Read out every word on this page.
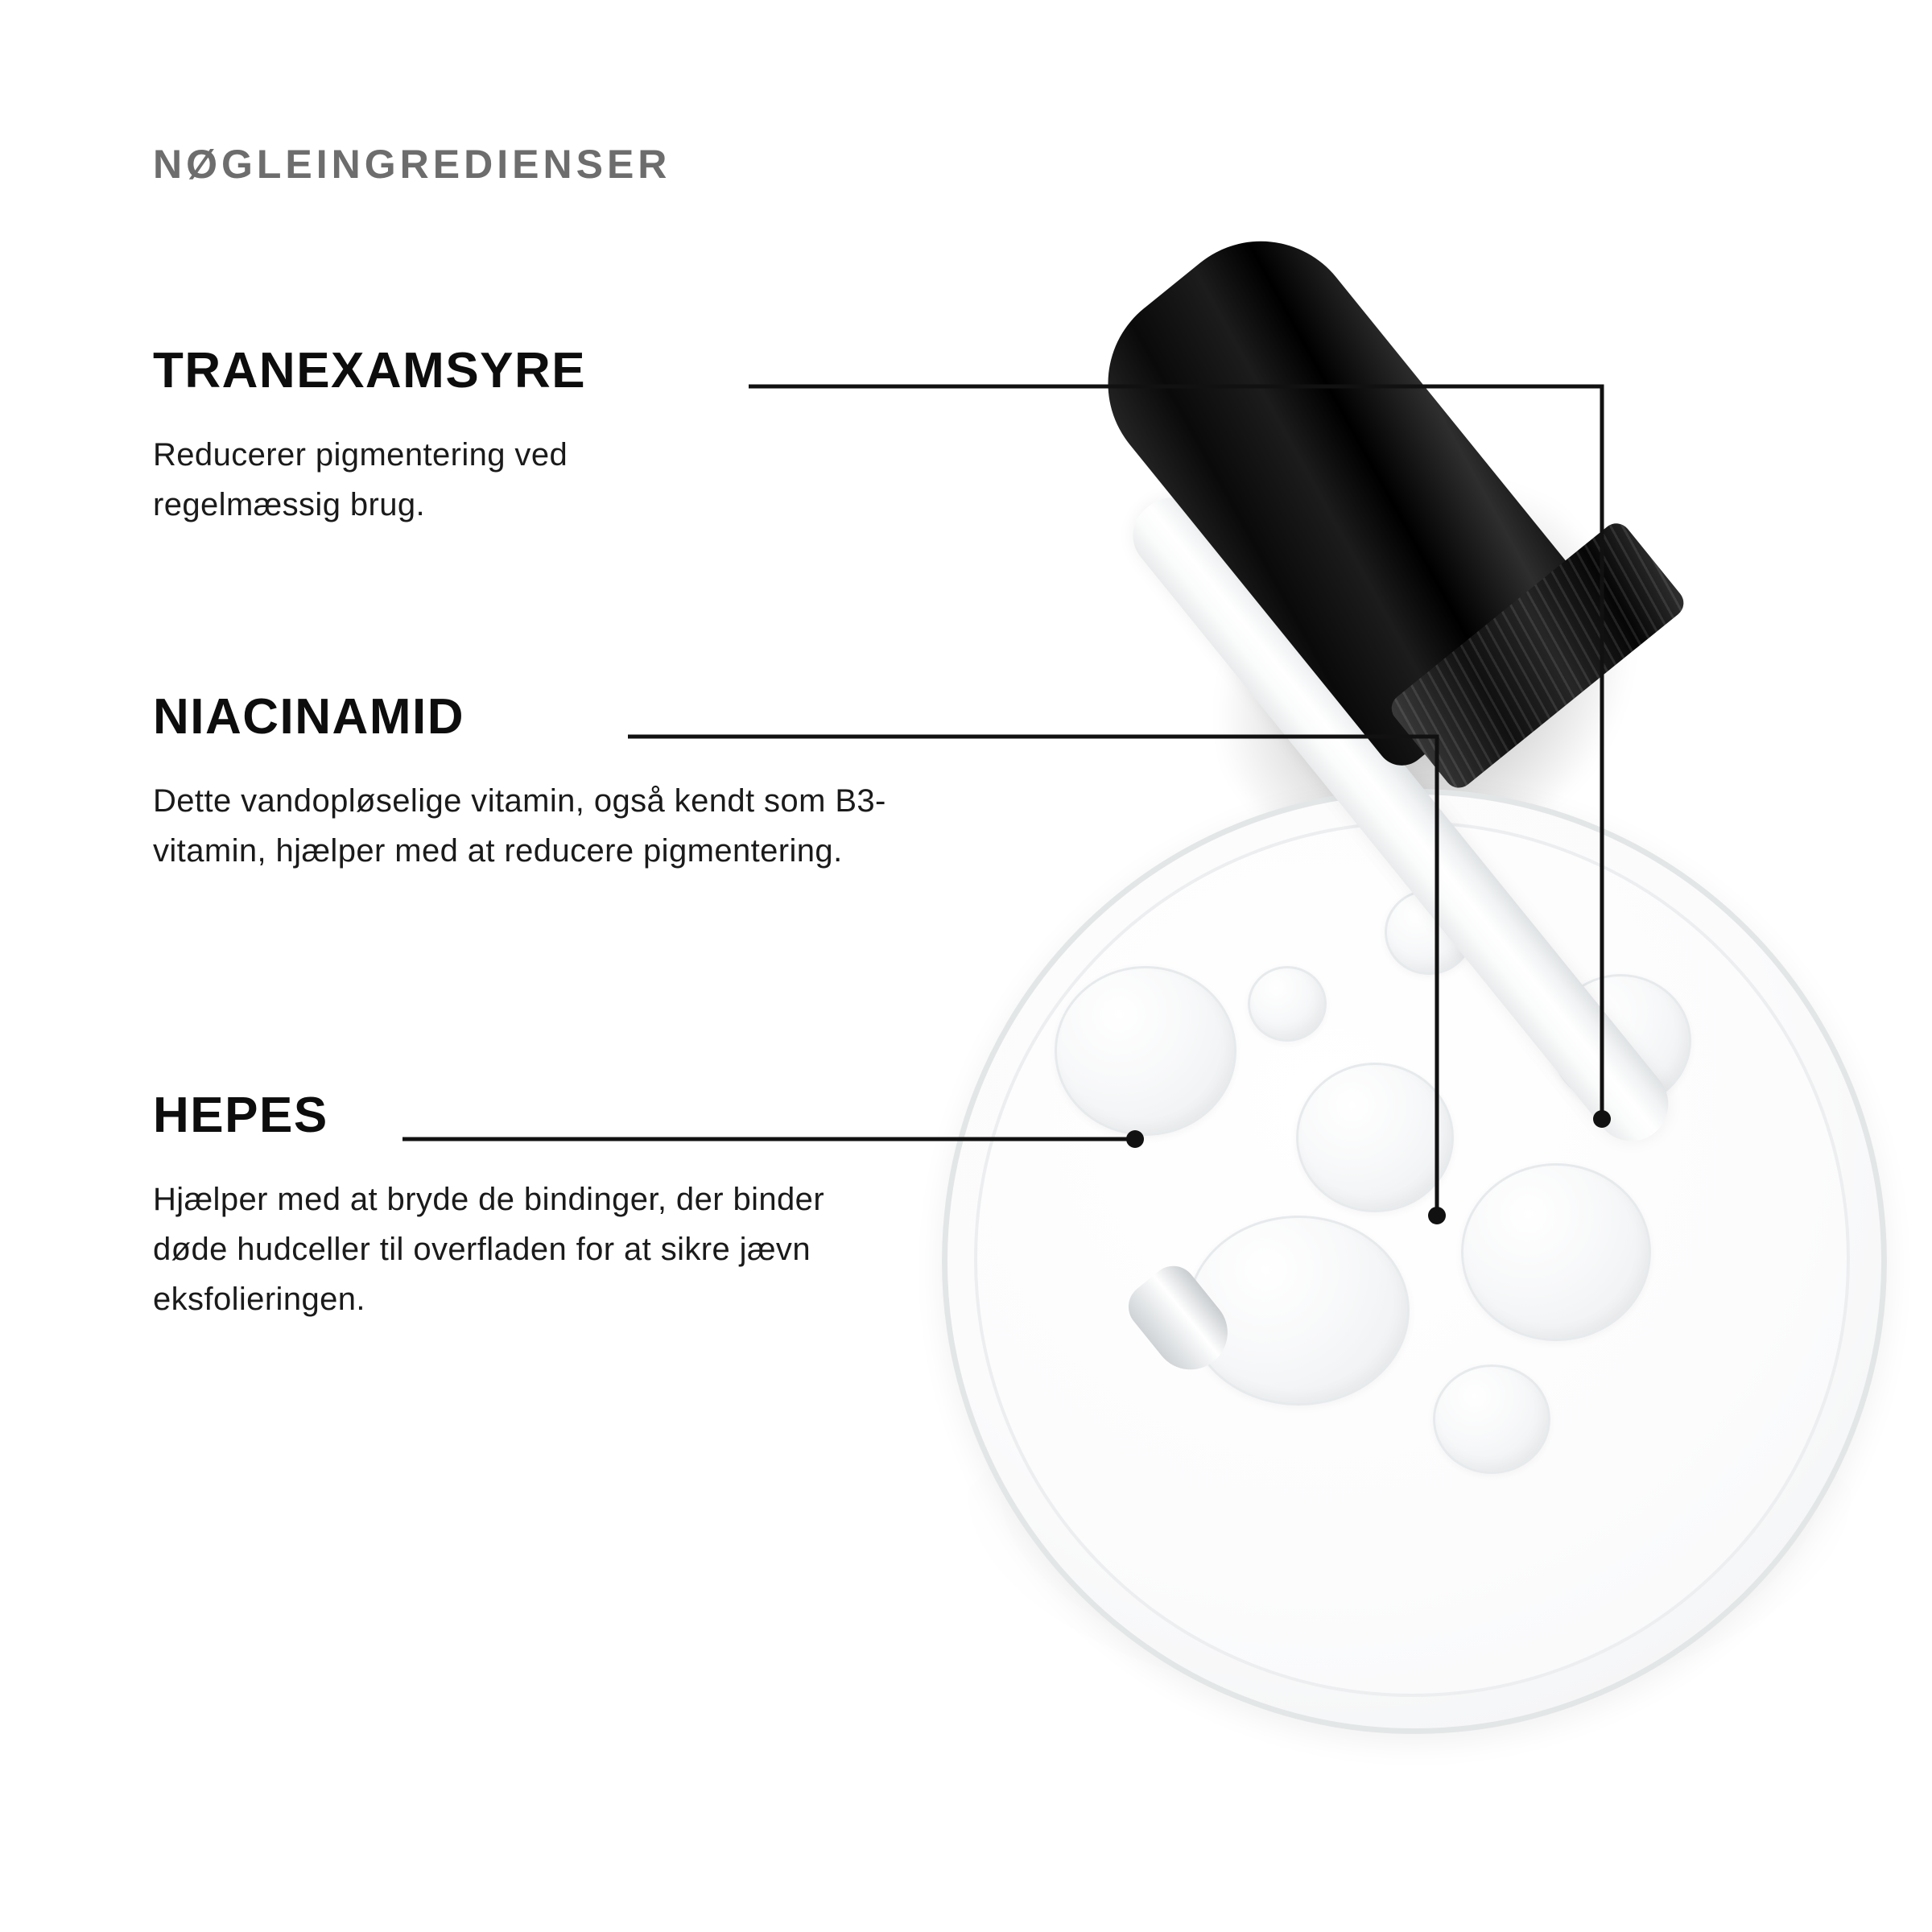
NØGLEINGREDIENSER
TRANEXAMSYRE
Reducerer pigmentering ved regelmæssig brug.
NIACINAMID
Dette vandopløselige vitamin, også kendt som B3-vitamin, hjælper med at reducere pigmentering.
HEPES
Hjælper med at bryde de bindinger, der binder døde hudceller til overfladen for at sikre jævn eksfolieringen.
